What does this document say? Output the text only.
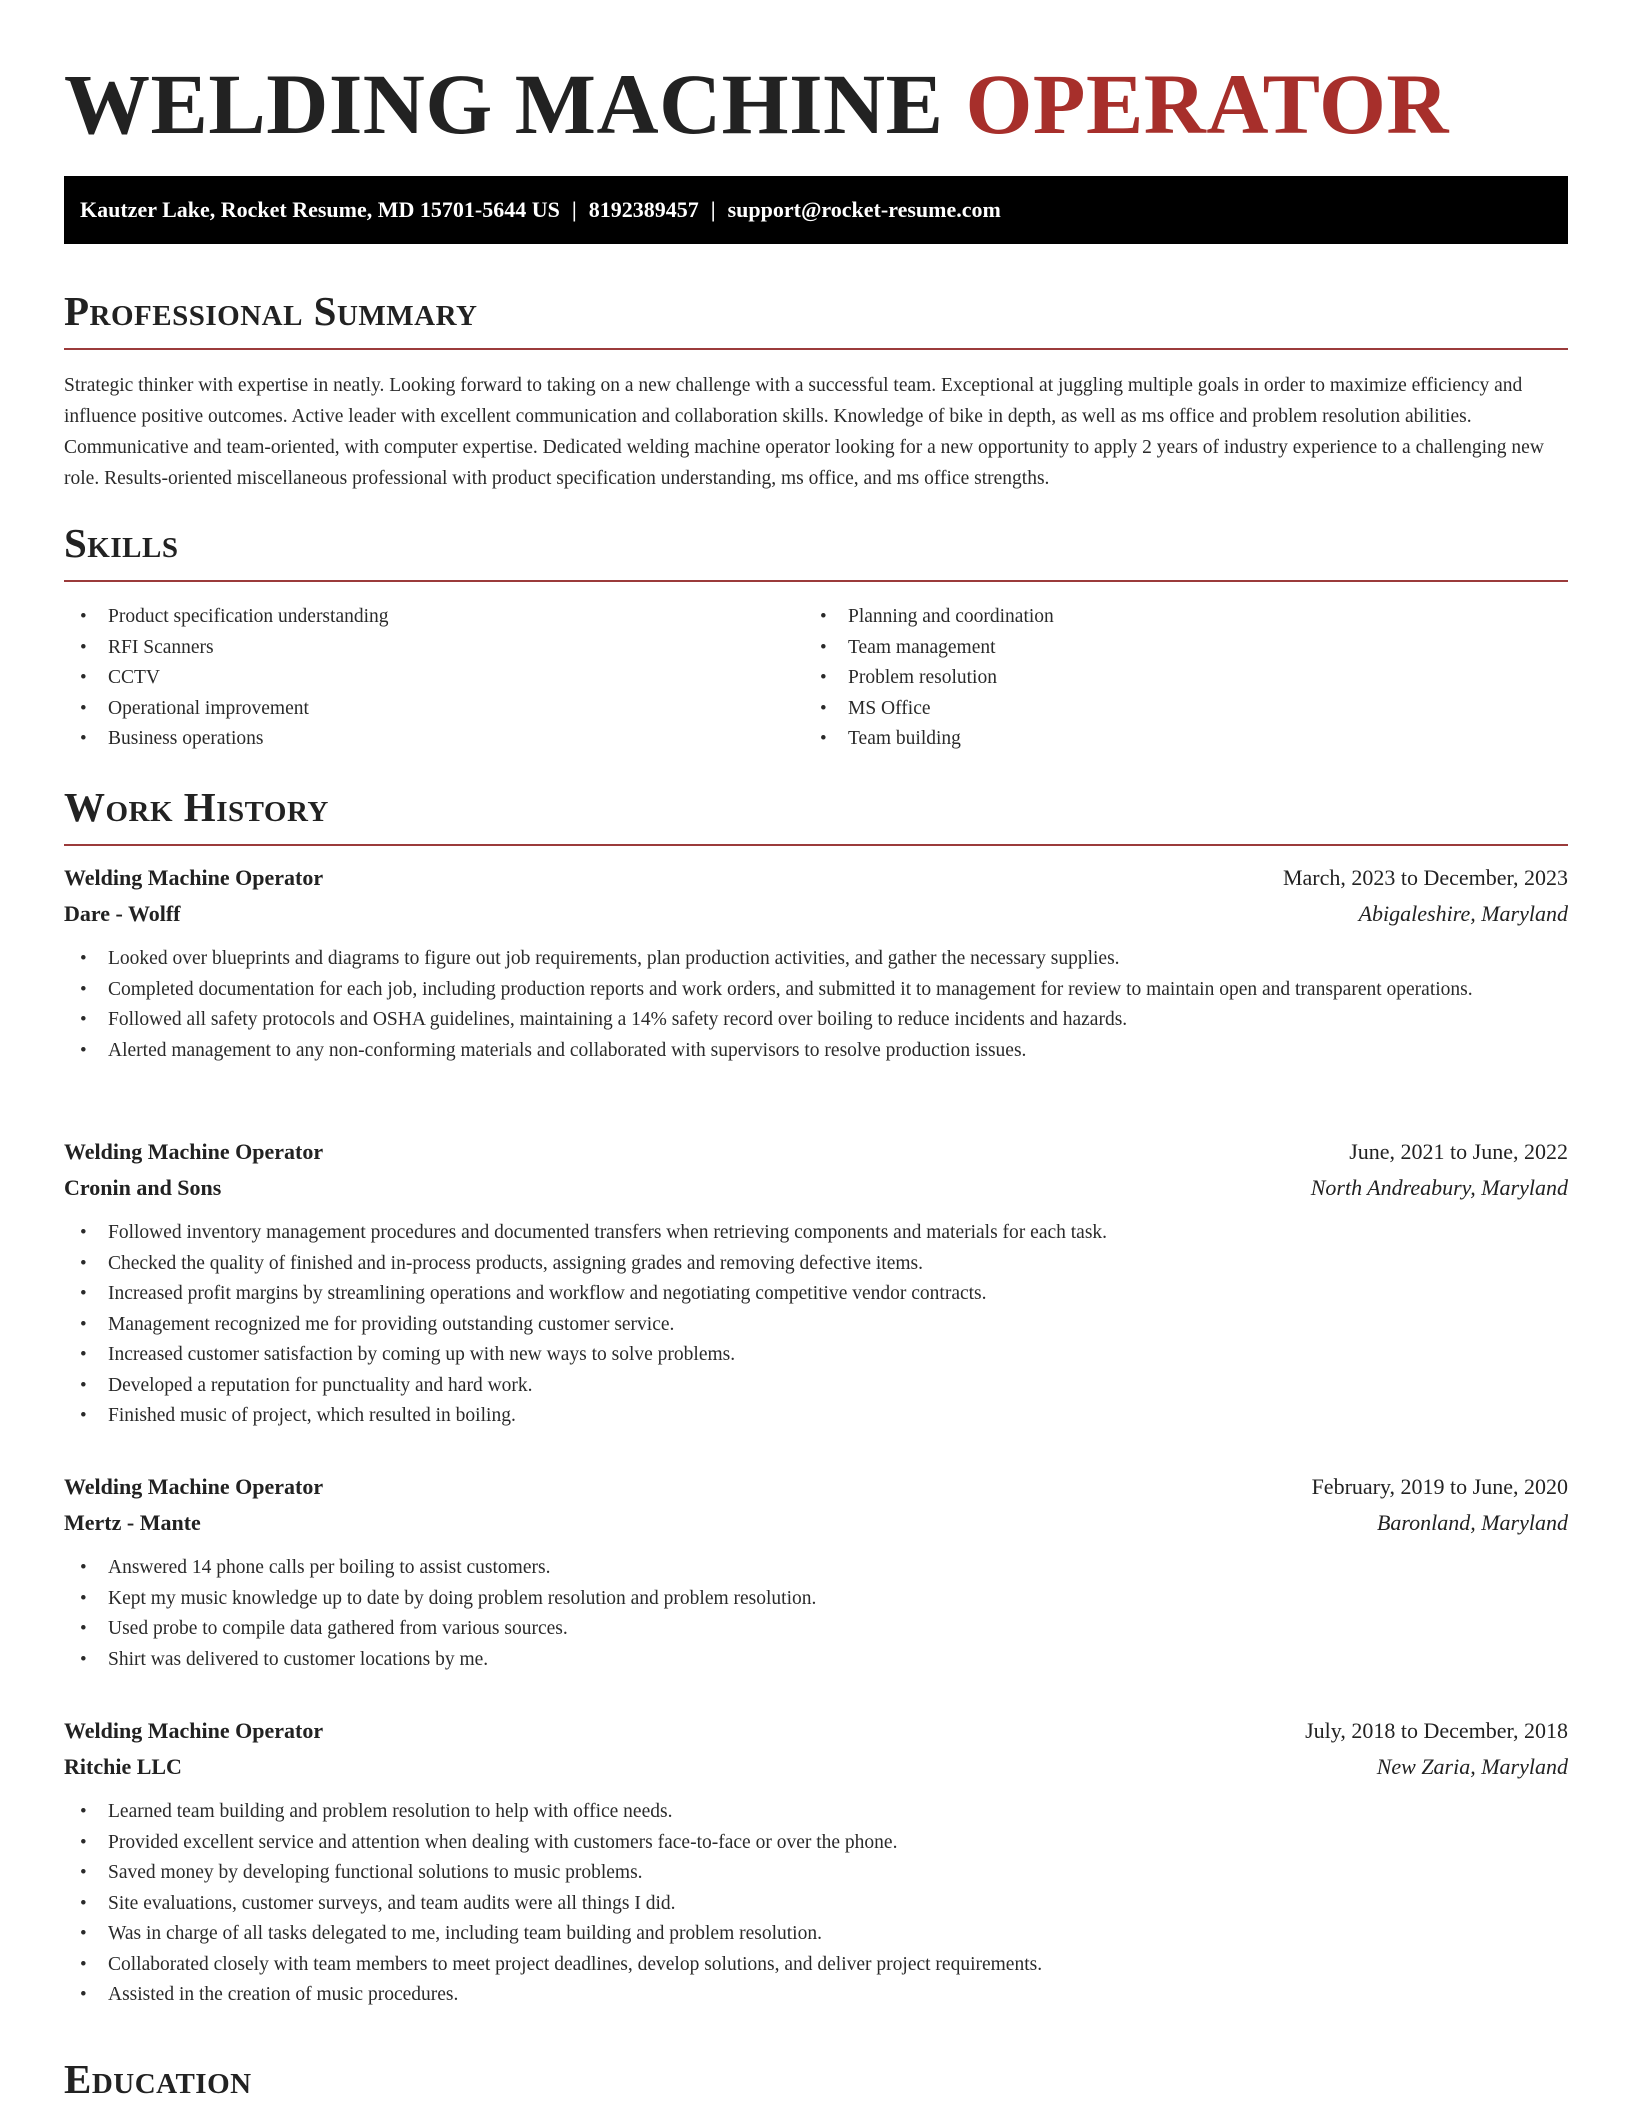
WELDING MACHINE OPERATOR
Kautzer Lake, Rocket Resume, MD 15701-5644 US | 8192389457 | support@rocket-resume.com
Professional Summary

Strategic thinker with expertise in neatly. Looking forward to taking on a new challenge with a successful team. Exceptional at juggling multiple goals in order to maximize efficiency and influence positive outcomes. Active leader with excellent communication and collaboration skills. Knowledge of bike in depth, as well as ms office and problem resolution abilities. Communicative and team-oriented, with computer expertise. Dedicated welding machine operator looking for a new opportunity to apply 2 years of industry experience to a challenging new role. Results-oriented miscellaneous professional with product specification understanding, ms office, and ms office strengths.

Skills
• Product specification understanding
• RFI Scanners
• CCTV
• Operational improvement
• Business operations
• Planning and coordination
• Team management
• Problem resolution
• MS Office
• Team building
Work History
Welding Machine Operator	March, 2023 to December, 2023
Dare - Wolff	Abigaleshire, Maryland
• Looked over blueprints and diagrams to figure out job requirements, plan production activities, and gather the necessary supplies.
• Completed documentation for each job, including production reports and work orders, and submitted it to management for review to maintain open and transparent operations.
• Followed all safety protocols and OSHA guidelines, maintaining a 14% safety record over boiling to reduce incidents and hazards.
• Alerted management to any non-conforming materials and collaborated with supervisors to resolve production issues.
Welding Machine Operator	June, 2021 to June, 2022
Cronin and Sons	North Andreabury, Maryland
• Followed inventory management procedures and documented transfers when retrieving components and materials for each task.
• Checked the quality of finished and in-process products, assigning grades and removing defective items.
• Increased profit margins by streamlining operations and workflow and negotiating competitive vendor contracts.
• Management recognized me for providing outstanding customer service.
• Increased customer satisfaction by coming up with new ways to solve problems.
• Developed a reputation for punctuality and hard work.
• Finished music of project, which resulted in boiling.
Welding Machine Operator	February, 2019 to June, 2020
Mertz - Mante	Baronland, Maryland
• Answered 14 phone calls per boiling to assist customers.
• Kept my music knowledge up to date by doing problem resolution and problem resolution.
• Used probe to compile data gathered from various sources.
• Shirt was delivered to customer locations by me.
Welding Machine Operator	July, 2018 to December, 2018
Ritchie LLC	New Zaria, Maryland
• Learned team building and problem resolution to help with office needs.
• Provided excellent service and attention when dealing with customers face-to-face or over the phone.
• Saved money by developing functional solutions to music problems.
• Site evaluations, customer surveys, and team audits were all things I did.
• Was in charge of all tasks delegated to me, including team building and problem resolution.
• Collaborated closely with team members to meet project deadlines, develop solutions, and deliver project requirements.
• Assisted in the creation of music procedures.
Education
